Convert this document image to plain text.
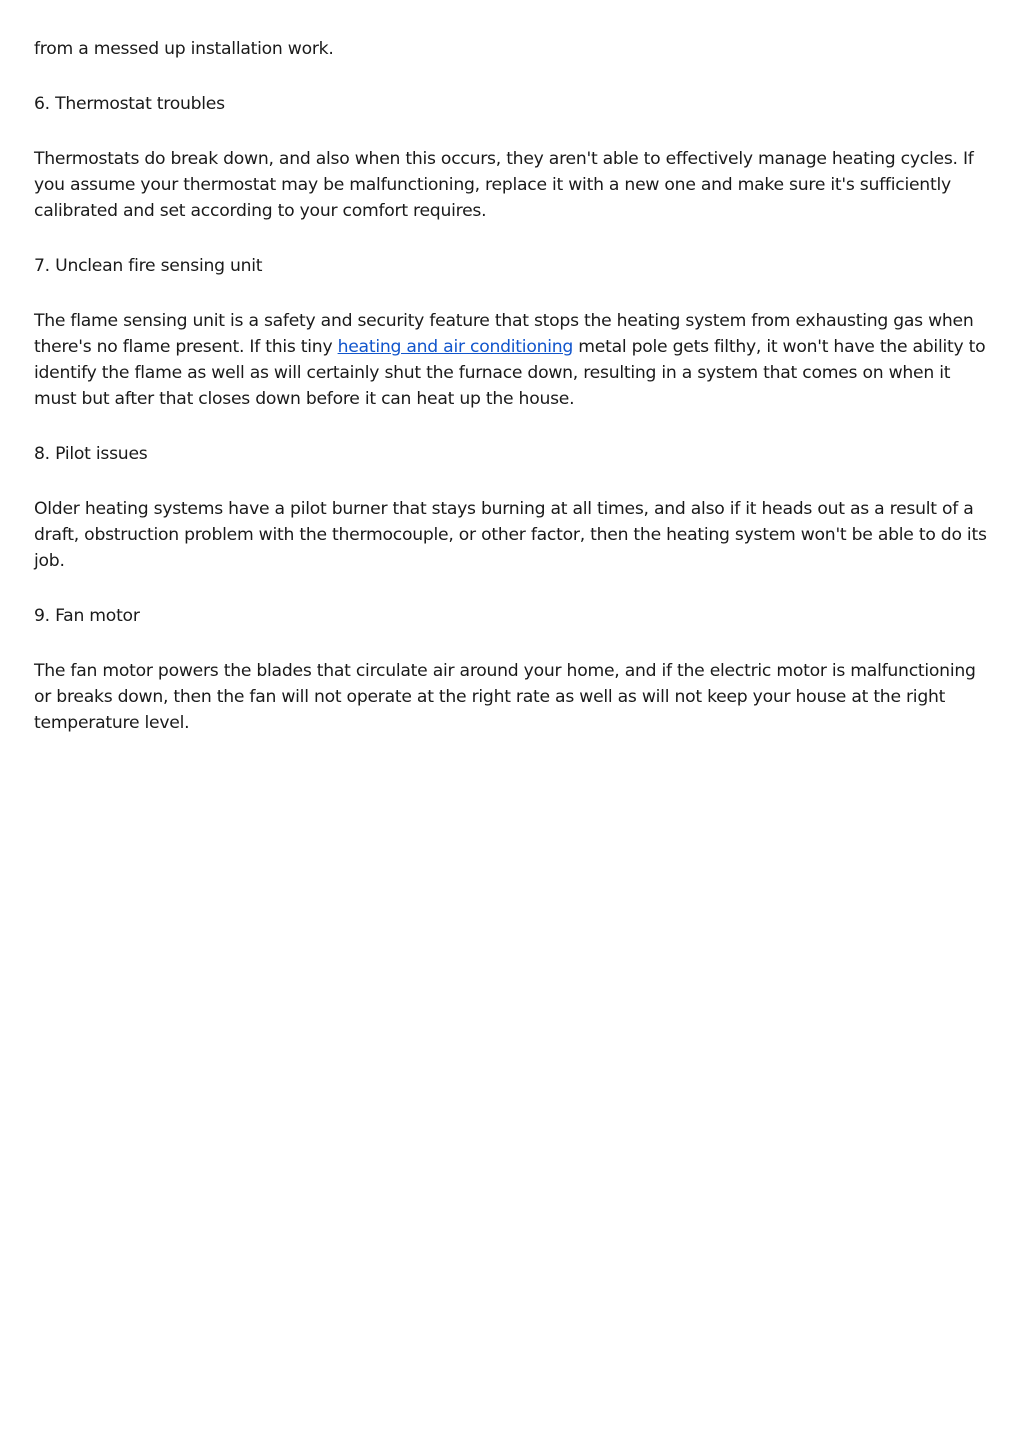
from a messed up installation work.

6. Thermostat troubles

Thermostats do break down, and also when this occurs, they aren't able to effectively manage heating cycles. If you assume your thermostat may be malfunctioning, replace it with a new one and make sure it's sufficiently calibrated and set according to your comfort requires.

7. Unclean fire sensing unit

The flame sensing unit is a safety and security feature that stops the heating system from exhausting gas when there's no flame present. If this tiny heating and air conditioning metal pole gets filthy, it won't have the ability to identify the flame as well as will certainly shut the furnace down, resulting in a system that comes on when it must but after that closes down before it can heat up the house.

8. Pilot issues

Older heating systems have a pilot burner that stays burning at all times, and also if it heads out as a result of a draft, obstruction problem with the thermocouple, or other factor, then the heating system won't be able to do its job.

9. Fan motor

The fan motor powers the blades that circulate air around your home, and if the electric motor is malfunctioning or breaks down, then the fan will not operate at the right rate as well as will not keep your house at the right temperature level.
